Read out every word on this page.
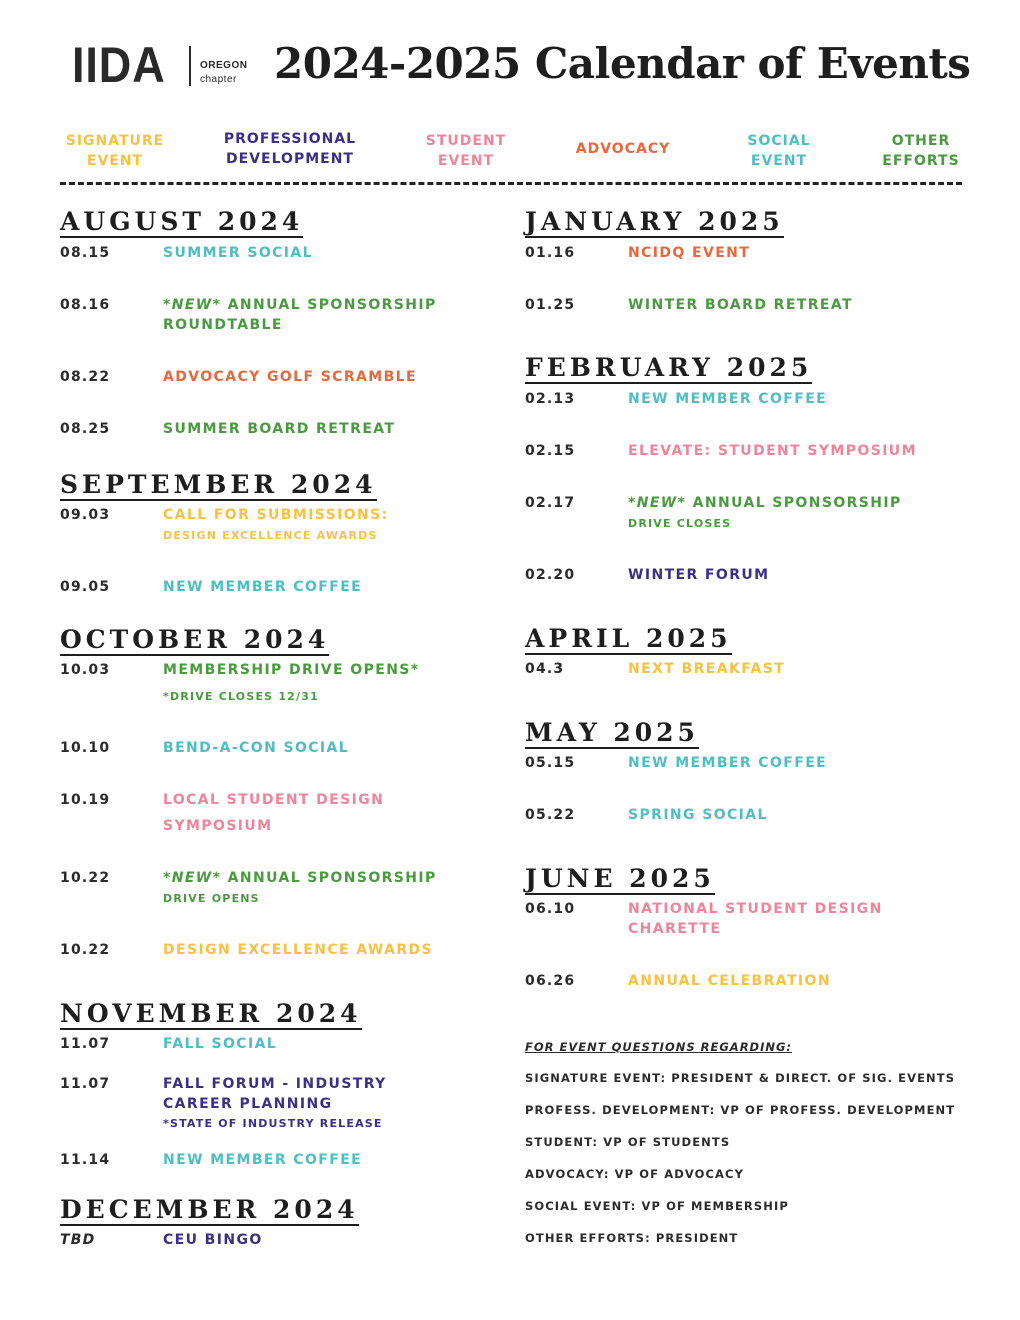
IIDA	OREGON
chapter 2024-2025 Calendar of Events
SIGNATURE
EVENT
PROFESSIONAL
DEVELOPMENT
STUDENT
EVENT
ADVOCACY	SOCIAL
EVENT
OTHER
EFFORTS
AUGUST 2024
08.15	SUMMER SOCIAL
08.16	*NEW* ANNUAL SPONSORSHIP
ROUNDTABLE
08.22	ADVOCACY GOLF SCRAMBLE
08.25	SUMMER BOARD RETREAT
SEPTEMBER 2024
09.03	CALL FOR SUBMISSIONS:
DESIGN EXCELLENCE AWARDS
09.05	NEW MEMBER COFFEE
OCTOBER 2024
10.03	MEMBERSHIP DRIVE OPENS*
*DRIVE CLOSES 12/31
10.10	BEND-A-CON SOCIAL
10.19	LOCAL STUDENT DESIGN
SYMPOSIUM
10.22	*NEW* ANNUAL SPONSORSHIP
DRIVE OPENS
10.22	DESIGN EXCELLENCE AWARDS
NOVEMBER 2024
11.07	FALL SOCIAL
11.07	FALL FORUM - INDUSTRY
CAREER PLANNING
*STATE OF INDUSTRY RELEASE
11.14	NEW MEMBER COFFEE
DECEMBER 2024
TBD	CEU BINGO
JANUARY 2025
01.16	NCIDQ EVENT
01.25	WINTER BOARD RETREAT
FEBRUARY 2025
02.13	NEW MEMBER COFFEE
02.15	ELEVATE: STUDENT SYMPOSIUM
02.17	*NEW* ANNUAL SPONSORSHIP
DRIVE CLOSES
02.20	WINTER FORUM
APRIL 2025
04.3	NEXT BREAKFAST
MAY 2025
05.15	NEW MEMBER COFFEE
05.22	SPRING SOCIAL
JUNE 2025
06.10	NATIONAL STUDENT DESIGN
CHARETTE
06.26	ANNUAL CELEBRATION
FOR EVENT QUESTIONS REGARDING:
SIGNATURE EVENT: PRESIDENT & DIRECT. OF SIG. EVENTS
PROFESS. DEVELOPMENT: VP OF PROFESS. DEVELOPMENT
STUDENT: VP OF STUDENTS
ADVOCACY: VP OF ADVOCACY
SOCIAL EVENT: VP OF MEMBERSHIP
OTHER EFFORTS: PRESIDENT
